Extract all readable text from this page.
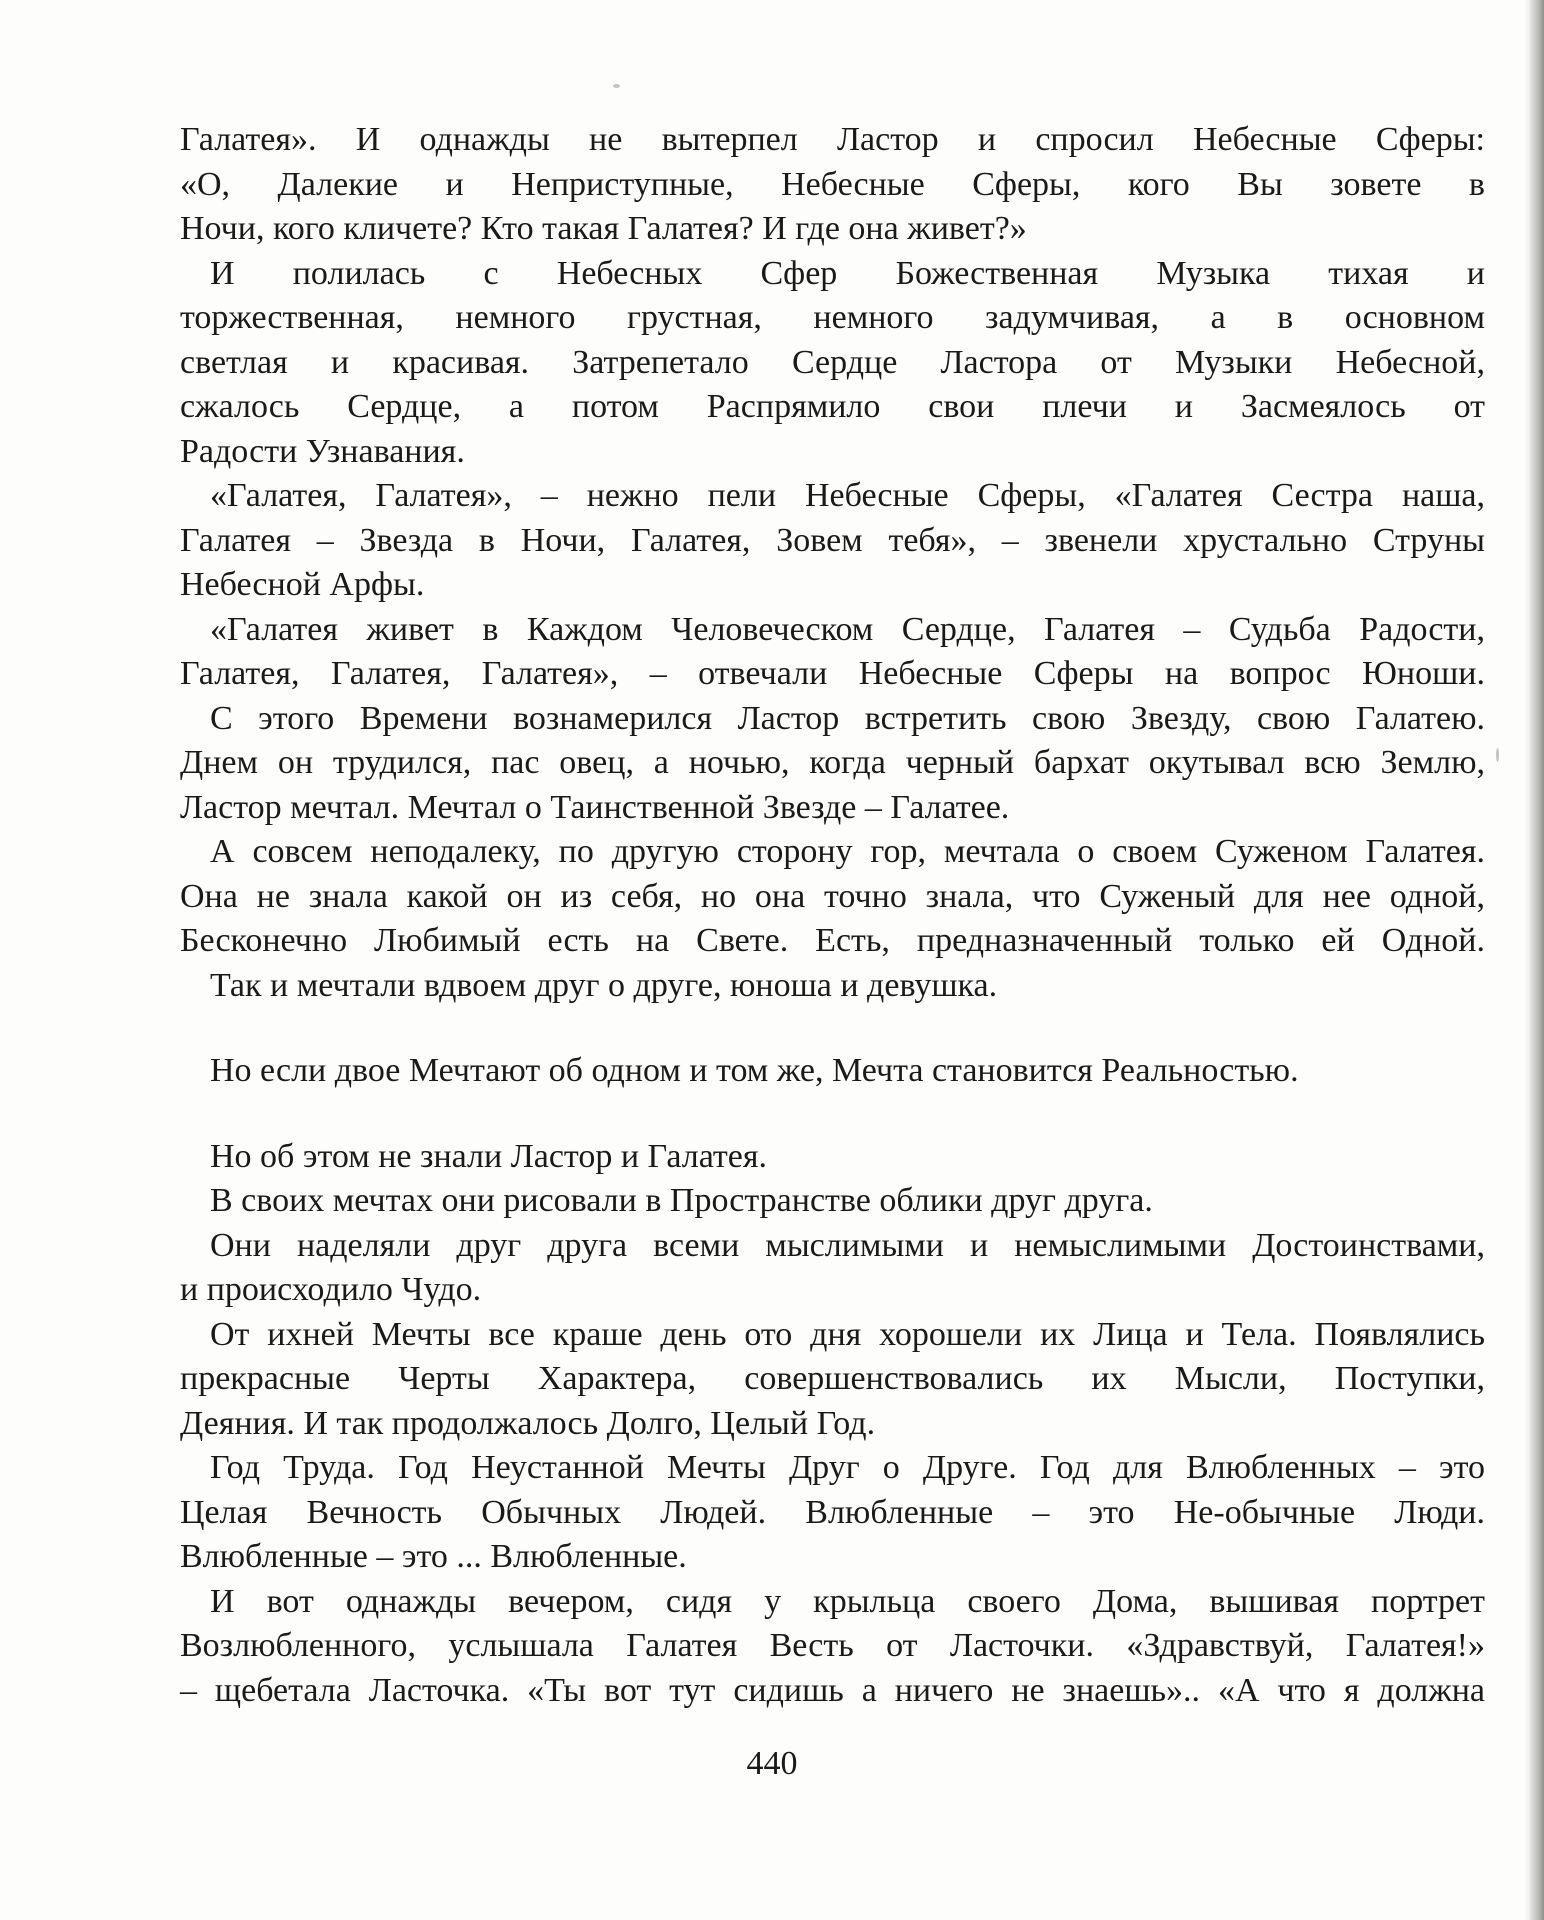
Галатея». И однажды не вытерпел Ластор и спросил Небесные Сферы:
«О, Далекие и Неприступные, Небесные Сферы, кого Вы зовете в
Ночи, кого кличете? Кто такая Галатея? И где она живет?»
И полилась с Небесных Сфер Божественная Музыка тихая и
торжественная, немного грустная, немного задумчивая, а в основном
светлая и красивая. Затрепетало Сердце Ластора от Музыки Небесной,
сжалось Сердце, а потом Распрямило свои плечи и Засмеялось от
Радости Узнавания.
«Галатея, Галатея», – нежно пели Небесные Сферы, «Галатея Сестра наша,
Галатея – Звезда в Ночи, Галатея, Зовем тебя», – звенели хрустально Струны
Небесной Арфы.
«Галатея живет в Каждом Человеческом Сердце, Галатея – Судьба Радости,
Галатея, Галатея, Галатея», – отвечали Небесные Сферы на вопрос Юноши.
С этого Времени вознамерился Ластор встретить свою Звезду, свою Галатею.
Днем он трудился, пас овец, а ночью, когда черный бархат окутывал всю Землю,
Ластор мечтал. Мечтал о Таинственной Звезде – Галатее.
А совсем неподалеку, по другую сторону гор, мечтала о своем Суженом Галатея.
Она не знала какой он из себя, но она точно знала, что Суженый для нее одной,
Бесконечно Любимый есть на Свете. Есть, предназначенный только ей Одной.
Так и мечтали вдвоем друг о друге, юноша и девушка.
Но если двое Мечтают об одном и том же, Мечта становится Реальностью.
Но об этом не знали Ластор и Галатея.
В своих мечтах они рисовали в Пространстве облики друг друга.
Они наделяли друг друга всеми мыслимыми и немыслимыми Достоинствами,
и происходило Чудо.
От ихней Мечты все краше день ото дня хорошели их Лица и Тела. Появлялись
прекрасные Черты Характера, совершенствовались их Мысли, Поступки,
Деяния. И так продолжалось Долго, Целый Год.
Год Труда. Год Неустанной Мечты Друг о Друге. Год для Влюбленных – это
Целая Вечность Обычных Людей. Влюбленные – это Не-обычные Люди.
Влюбленные – это ... Влюбленные.
И вот однажды вечером, сидя у крыльца своего Дома, вышивая портрет
Возлюбленного, услышала Галатея Весть от Ласточки. «Здравствуй, Галатея!»
– щебетала Ласточка. «Ты вот тут сидишь а ничего не знаешь».. «А что я должна
440
